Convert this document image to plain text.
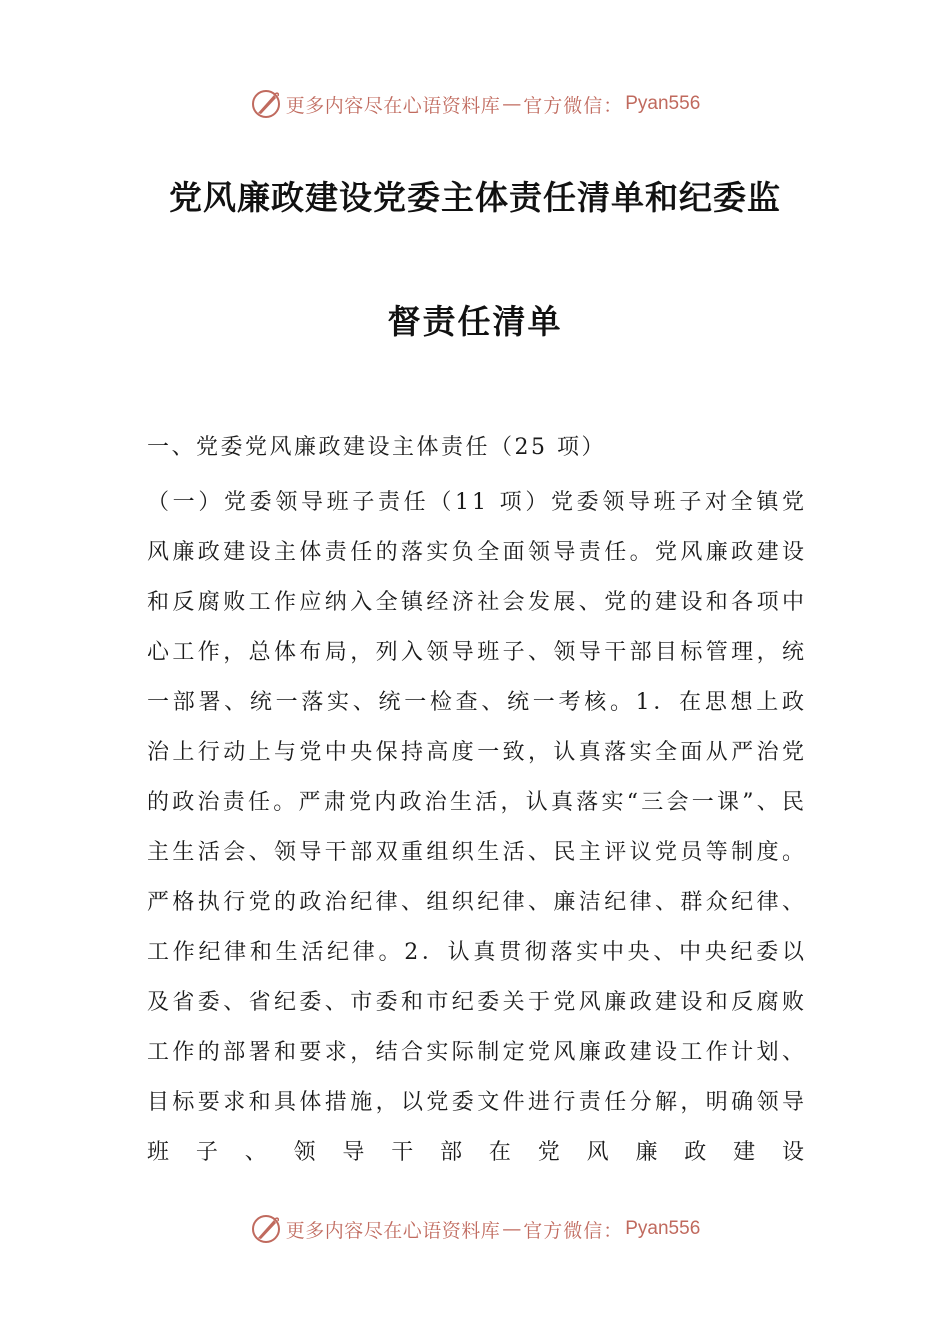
更多内容尽在心语资料库 — 官方微信： Pyan556
党风廉政建设党委主体责任清单和纪委监
督责任清单

一、党委党风廉政建设主体责任（25 项）

（一）党委领导班子责任（11 项）党委领导班子对全镇党风廉政建设主体责任的落实负全面领导责任。党风廉政建设和反腐败工作应纳入全镇经济社会发展、党的建设和各项中心工作，总体布局，列入领导班子、领导干部目标管理，统一部署、统一落实、统一检查、统一考核。1．在思想上政治上行动上与党中央保持高度一致，认真落实全面从严治党的政治责任。严肃党内政治生活，认真落实“三会一课”、民主生活会、领导干部双重组织生活、民主评议党员等制度。严格执行党的政治纪律、组织纪律、廉洁纪律、群众纪律、工作纪律和生活纪律。2．认真贯彻落实中央、中央纪委以及省委、省纪委、市委和市纪委关于党风廉政建设和反腐败工作的部署和要求，结合实际制定党风廉政建设工作计划、目标要求和具体措施，以党委文件进行责任分解，明确领导班子、领导干部在党风廉政建设

更多内容尽在心语资料库 — 官方微信： Pyan556
